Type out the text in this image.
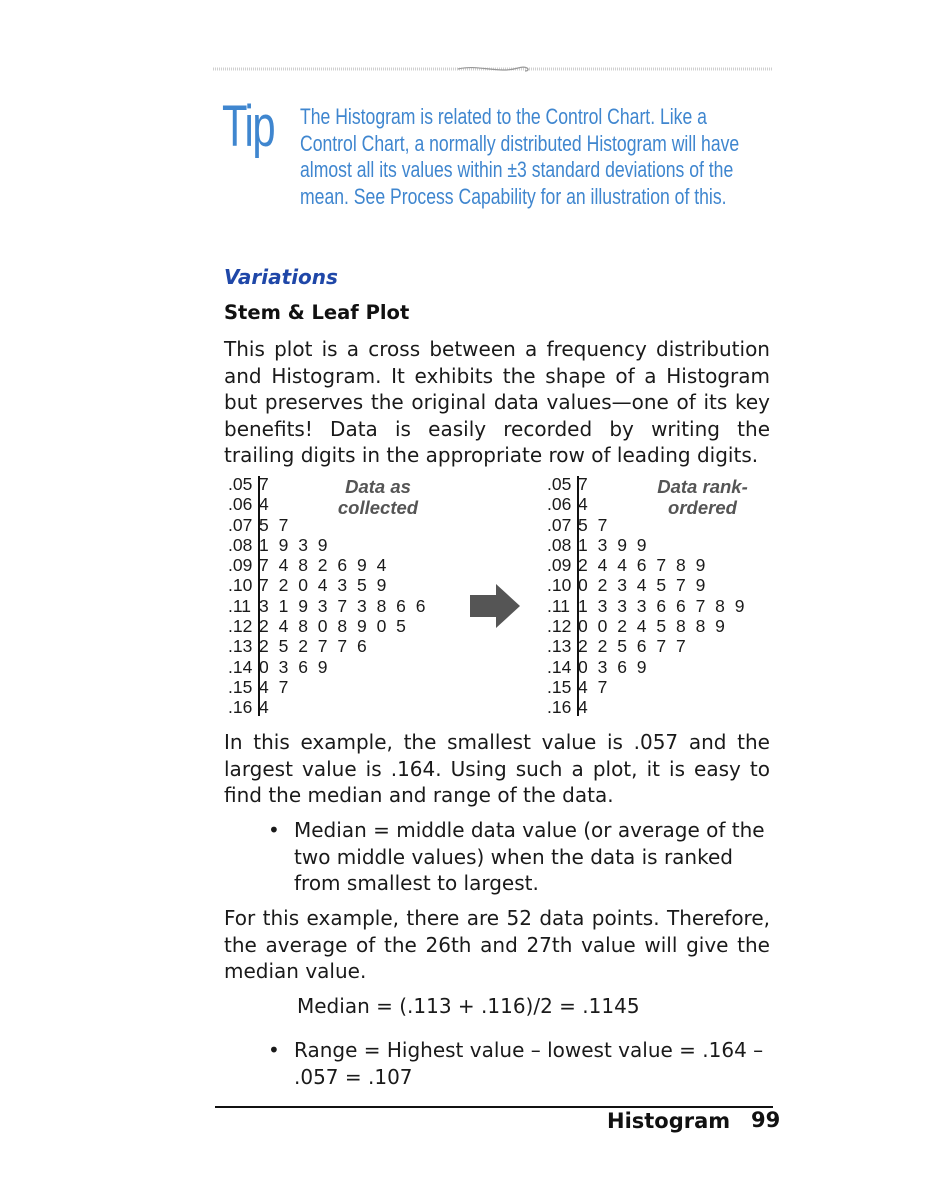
Tip The Histogram is related to the Control Chart. Like a Control Chart, a normally distributed Histogram will have almost all its values within ±3 standard deviations of the mean. See Process Capability for an illustration of this.

Variations
Stem & Leaf Plot

This plot is a cross between a frequency distribution and Histogram. It exhibits the shape of a Histogram but preserves the original data values—one of its key benefits! Data is easily recorded by writing the trailing digits in the appropriate row of leading digits.

.05 7
.06 4
.07 5 7
.08 1 9 3 9
.09 7 4 8 2 6 9 4
.10 7 2 0 4 3 5 9
.11 3 1 9 3 7 3 8 6 6
.12 2 4 8 0 8 9 0 5
.13 2 5 2 7 7 6
.14 0 3 6 9
.15 4 7
.16 4
Data as
collected
.05 7
.06 4
.07 5 7
.08 1 3 9 9
.09 2 4 4 6 7 8 9
.10 0 2 3 4 5 7 9
.11 1 3 3 3 6 6 7 8 9
.12 0 0 2 4 5 8 8 9
.13 2 2 5 6 7 7
.14 0 3 6 9
.15 4 7
.16 4
Data rank-
ordered

In this example, the smallest value is .057 and the largest value is .164. Using such a plot, it is easy to find the median and range of the data.

• Median = middle data value (or average of the two middle values) when the data is ranked from smallest to largest.

For this example, there are 52 data points. Therefore, the average of the 26th and 27th value will give the median value.

Median = (.113 + .116)/2 = .1145

• Range = Highest value – lowest value = .164 – .057 = .107

Histogram 99
